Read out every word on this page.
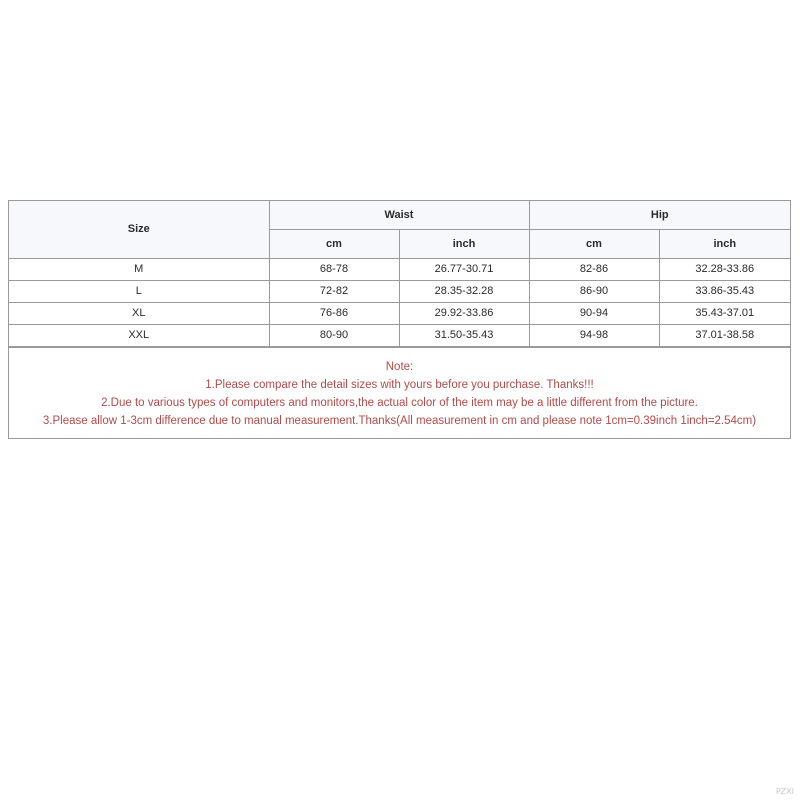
Size	Waist		Hip	
	cm	inch	cm	inch
M	68-78	26.77-30.71	82-86	32.28-33.86
L	72-82	28.35-32.28	86-90	33.86-35.43
XL	76-86	29.92-33.86	90-94	35.43-37.01
XXL	80-90	31.50-35.43	94-98	37.01-38.58
Note:
1.Please compare the detail sizes with yours before you purchase. Thanks!!!
2.Due to various types of computers and monitors,the actual color of the item may be a little different from the picture.
3.Please allow 1-3cm difference due to manual measurement.Thanks(All measurement in cm and please note 1cm=0.39inch 1inch=2.54cm)
PZXI
